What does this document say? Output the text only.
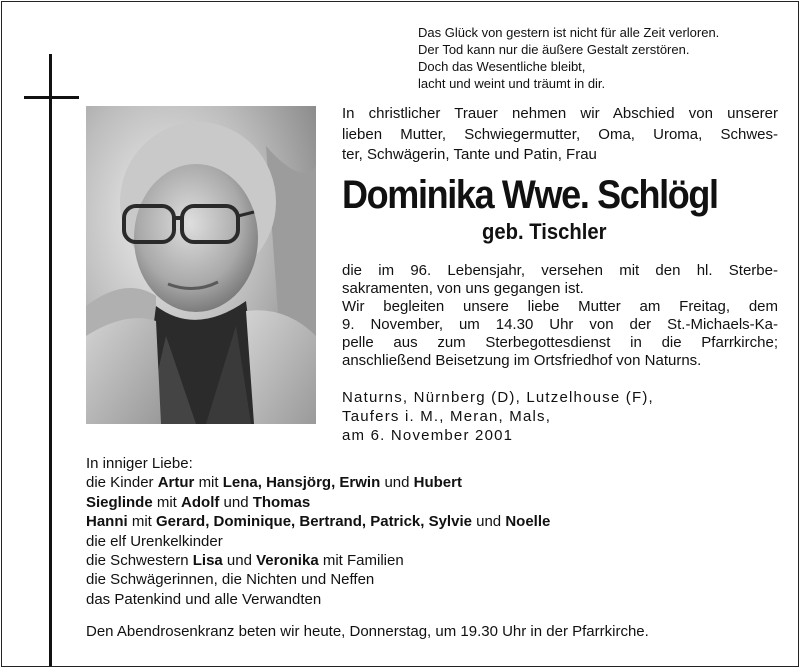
Das Glück von gestern ist nicht für alle Zeit verloren.
Der Tod kann nur die äußere Gestalt zerstören.
Doch das Wesentliche bleibt,
lacht und weint und träumt in dir.
In christlicher Trauer nehmen wir Abschied von unserer
lieben Mutter, Schwiegermutter, Oma, Uroma, Schwes-
ter, Schwägerin, Tante und Patin, Frau
Dominika Wwe. Schlögl
geb. Tischler
die im 96. Lebensjahr, versehen mit den hl. Sterbe-
sakramenten, von uns gegangen ist.
Wir begleiten unsere liebe Mutter am Freitag, dem
9. November, um 14.30 Uhr von der St.-Michaels-Ka-
pelle aus zum Sterbegottesdienst in die Pfarrkirche;
anschließend Beisetzung im Ortsfriedhof von Naturns.
Naturns, Nürnberg (D), Lutzelhouse (F),
Taufers i. M., Meran, Mals,
am 6. November 2001
In inniger Liebe:
die Kinder Artur mit Lena, Hansjörg, Erwin und Hubert
Sieglinde mit Adolf und Thomas
Hanni mit Gerard, Dominique, Bertrand, Patrick, Sylvie und Noelle
die elf Urenkelkinder
die Schwestern Lisa und Veronika mit Familien
die Schwägerinnen, die Nichten und Neffen
das Patenkind und alle Verwandten
Den Abendrosenkranz beten wir heute, Donnerstag, um 19.30 Uhr in der Pfarrkirche.
